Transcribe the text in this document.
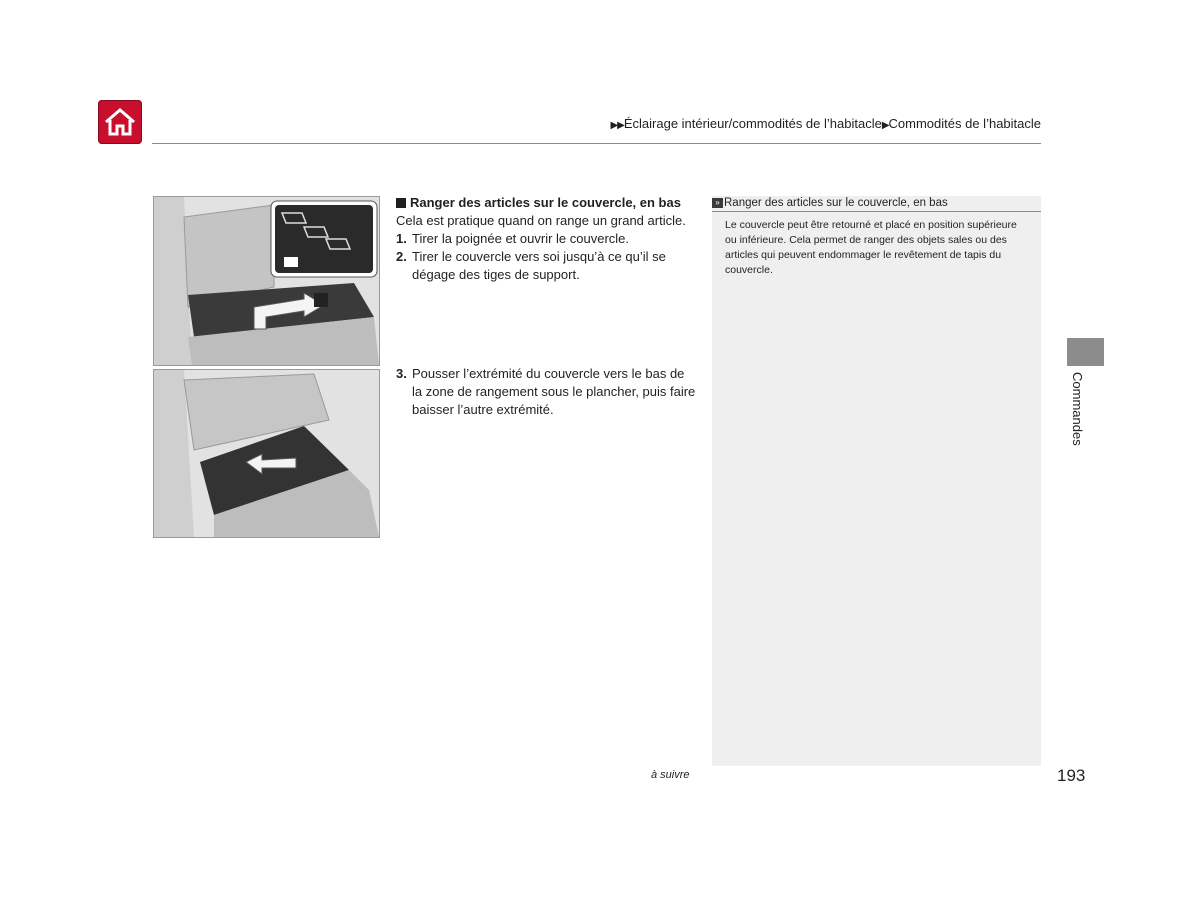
▶▶Éclairage intérieur/commodités de l’habitacle▶Commodités de l’habitacle
Ranger des articles sur le couvercle, en bas
Cela est pratique quand on range un grand article.
1. Tirer la poignée et ouvrir le couvercle.
2. Tirer le couvercle vers soi jusqu’à ce qu’il se dégage des tiges de support.
3. Pousser l’extrémité du couvercle vers le bas de la zone de rangement sous le plancher, puis faire baisser l’autre extrémité.
» Ranger des articles sur le couvercle, en bas
Le couvercle peut être retourné et placé en position supérieure ou inférieure. Cela permet de ranger des objets sales ou des articles qui peuvent endommager le revêtement de tapis du couvercle.
Commandes
à suivre	193
